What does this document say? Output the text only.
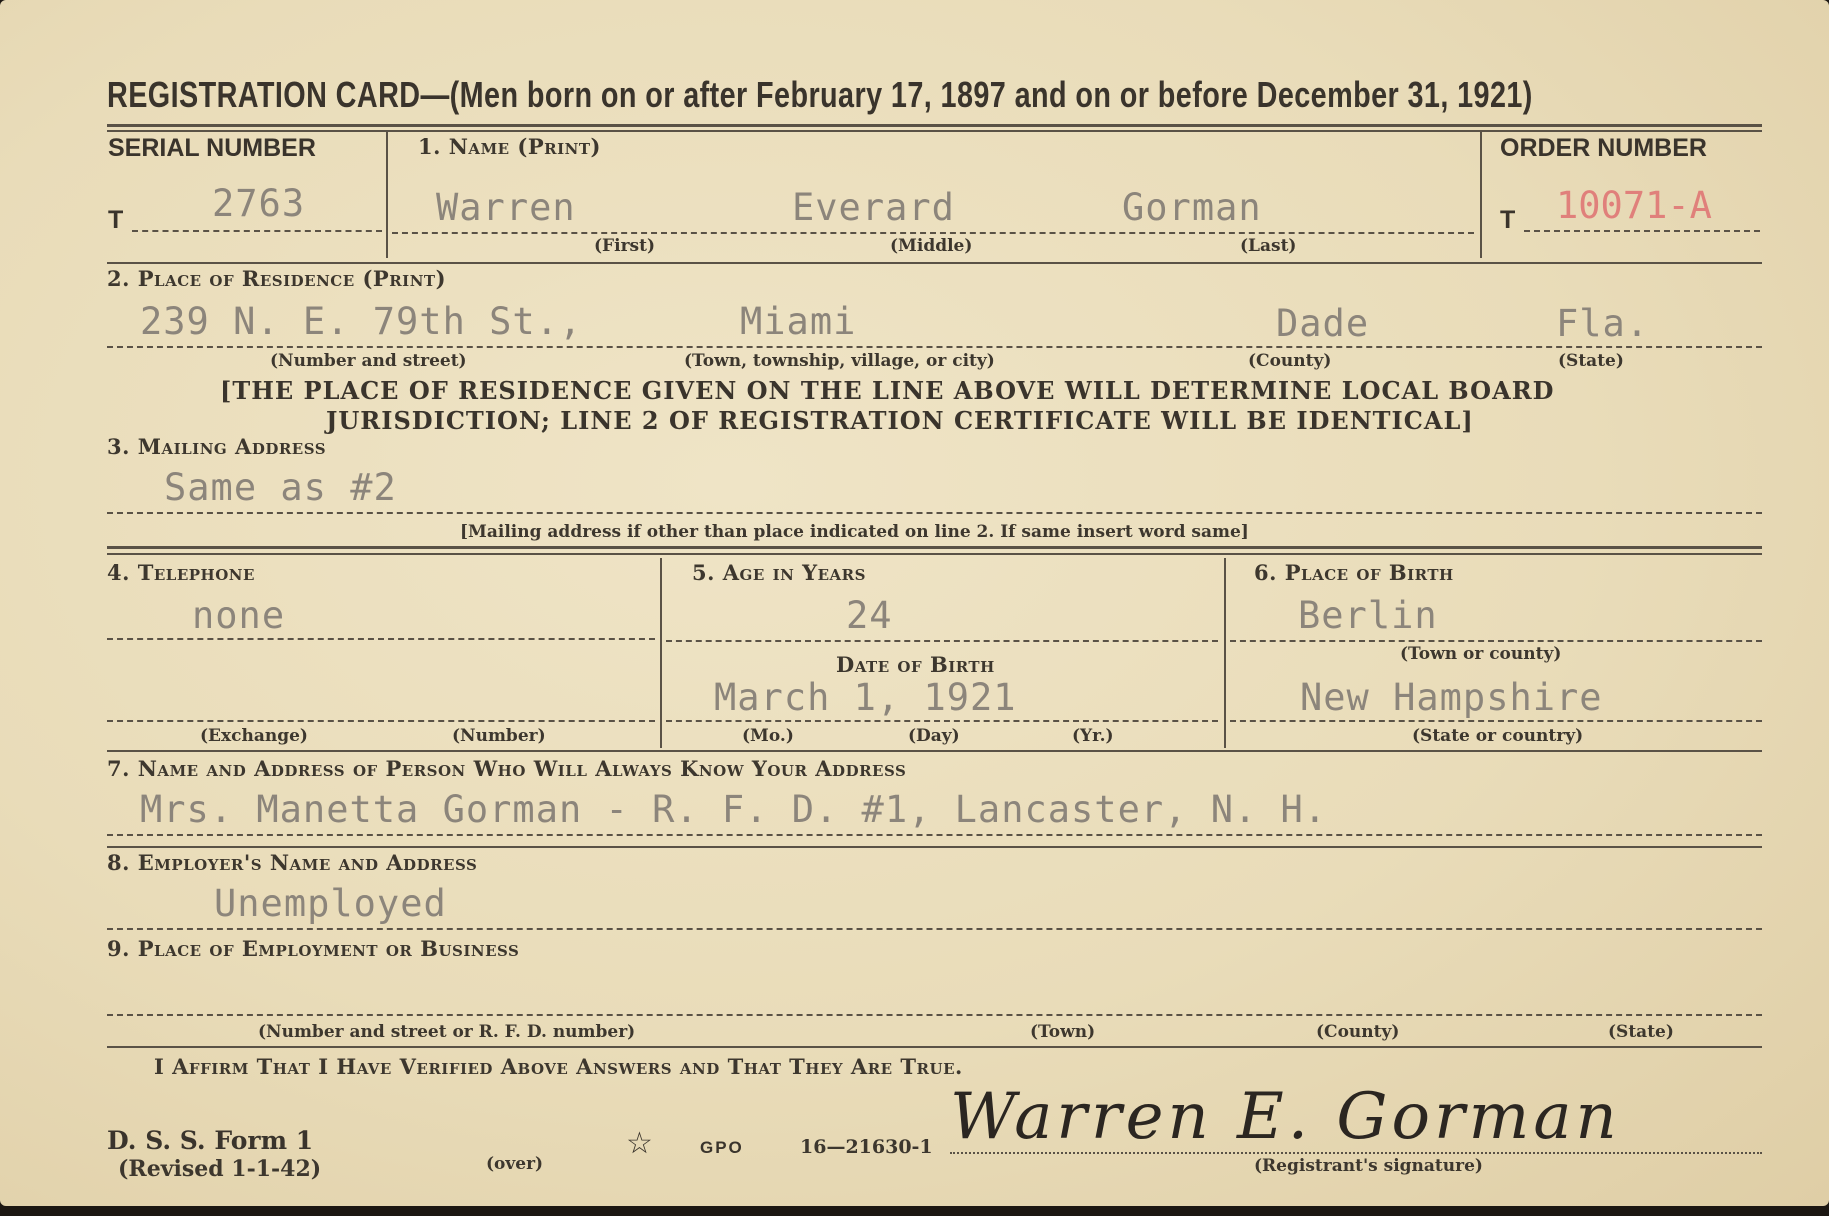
REGISTRATION CARD—(Men born on or after February 17, 1897 and on or before December 31, 1921)
SERIAL NUMBER
T 2763
1. Name (Print)
Warren	Everard	Gorman
(First)	(Middle)	(Last)
ORDER NUMBER
T 10071-A
2. Place of Residence (Print)
239 N. E. 79th St.,	Miami	Dade	Fla.
(Number and street)	(Town, township, village, or city)	(County)	(State)
[THE PLACE OF RESIDENCE GIVEN ON THE LINE ABOVE WILL DETERMINE LOCAL BOARD
JURISDICTION; LINE 2 OF REGISTRATION CERTIFICATE WILL BE IDENTICAL]
3. Mailing Address
Same as #2
[Mailing address if other than place indicated on line 2. If same insert word same]
4. Telephone
none
(Exchange)	(Number)
5. Age in Years
24
Date of Birth
March 1, 1921
(Mo.)	(Day)	(Yr.)
6. Place of Birth
Berlin
(Town or county)
New Hampshire
(State or country)
7. Name and Address of Person Who Will Always Know Your Address
Mrs. Manetta Gorman - R. F. D. #1, Lancaster, N. H.
8. Employer's Name and Address
Unemployed
9. Place of Employment or Business
(Number and street or R. F. D. number)	(Town)	(County)	(State)
I Affirm That I Have Verified Above Answers and That They Are True.
D. S. S. Form 1
(Revised 1-1-42)	(over)
☆	GPO	16—21630-1 Warren E. Gorman
(Registrant's signature)
